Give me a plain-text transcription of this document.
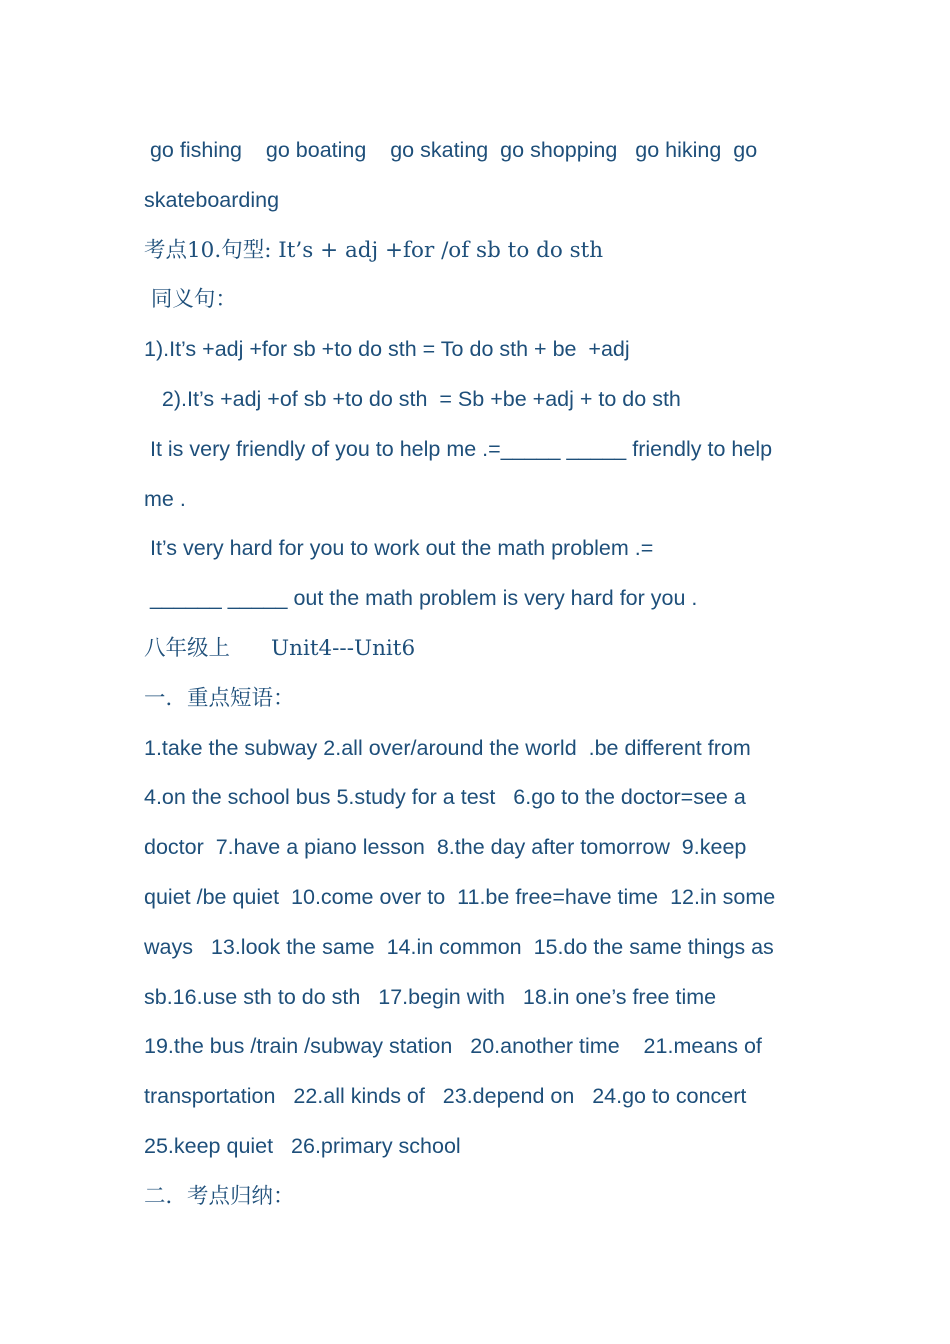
go fishing    go boating    go skating  go shopping   go hiking  go
skateboarding
考点10.句型: It’s + adj +for /of sb to do sth
同义句：
1).It’s +adj +for sb +to do sth = To do sth + be  +adj
2).It’s +adj +of sb +to do sth  = Sb +be +adj + to do sth
It is very friendly of you to help me .=_____ _____ friendly to help
me .
It’s very hard for you to work out the math problem .=
______ _____ out the math problem is very hard for you .
八年级上      Unit4---Unit6
一．重点短语：
1.take the subway 2.all over/around the world  .be different from
4.on the school bus 5.study for a test   6.go to the doctor=see a
doctor  7.have a piano lesson  8.the day after tomorrow  9.keep
quiet /be quiet  10.come over to  11.be free=have time  12.in some
ways   13.look the same  14.in common  15.do the same things as
sb.16.use sth to do sth   17.begin with   18.in one’s free time
19.the bus /train /subway station   20.another time    21.means of
transportation   22.all kinds of   23.depend on   24.go to concert
25.keep quiet   26.primary school
二．考点归纳：
